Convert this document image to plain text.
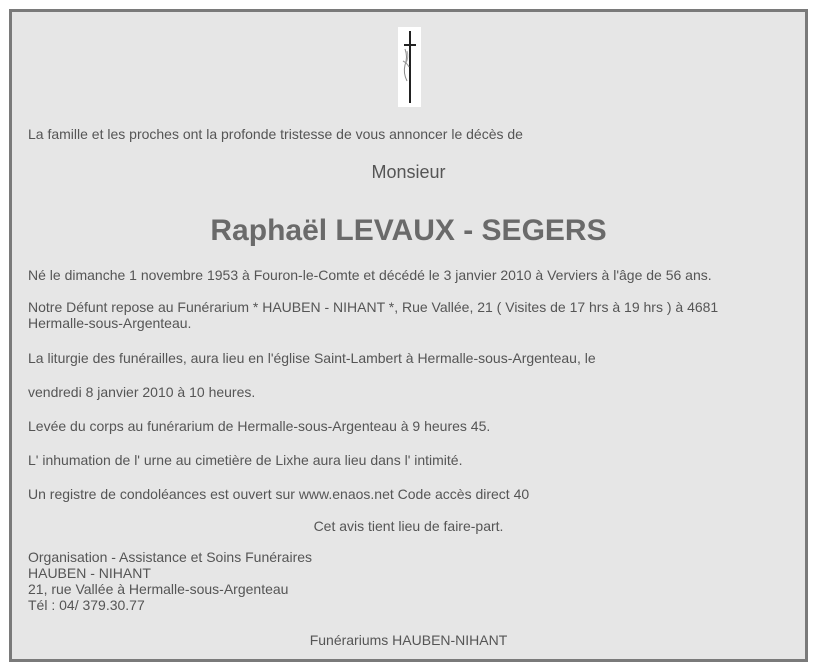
La famille et les proches ont la profonde tristesse de vous annoncer le décès de
Monsieur
Raphaël LEVAUX - SEGERS
Né le dimanche 1 novembre 1953 à Fouron-le-Comte et décédé le 3 janvier 2010 à Verviers à l'âge de 56 ans.
Notre Défunt repose au Funérarium * HAUBEN - NIHANT *, Rue Vallée, 21 ( Visites de 17 hrs à 19 hrs ) à 4681 Hermalle-sous-Argenteau.
La liturgie des funérailles, aura lieu en l'église Saint-Lambert à Hermalle-sous-Argenteau, le
vendredi 8 janvier 2010 à 10 heures.
Levée du corps au funérarium de Hermalle-sous-Argenteau à 9 heures 45.
L' inhumation de l' urne au cimetière de Lixhe aura lieu dans l' intimité.
Un registre de condoléances est ouvert sur www.enaos.net Code accès direct 40
Cet avis tient lieu de faire-part.
Organisation - Assistance et Soins Funéraires
HAUBEN - NIHANT
21, rue Vallée à Hermalle-sous-Argenteau
Tél : 04/ 379.30.77
Funérariums HAUBEN-NIHANT
